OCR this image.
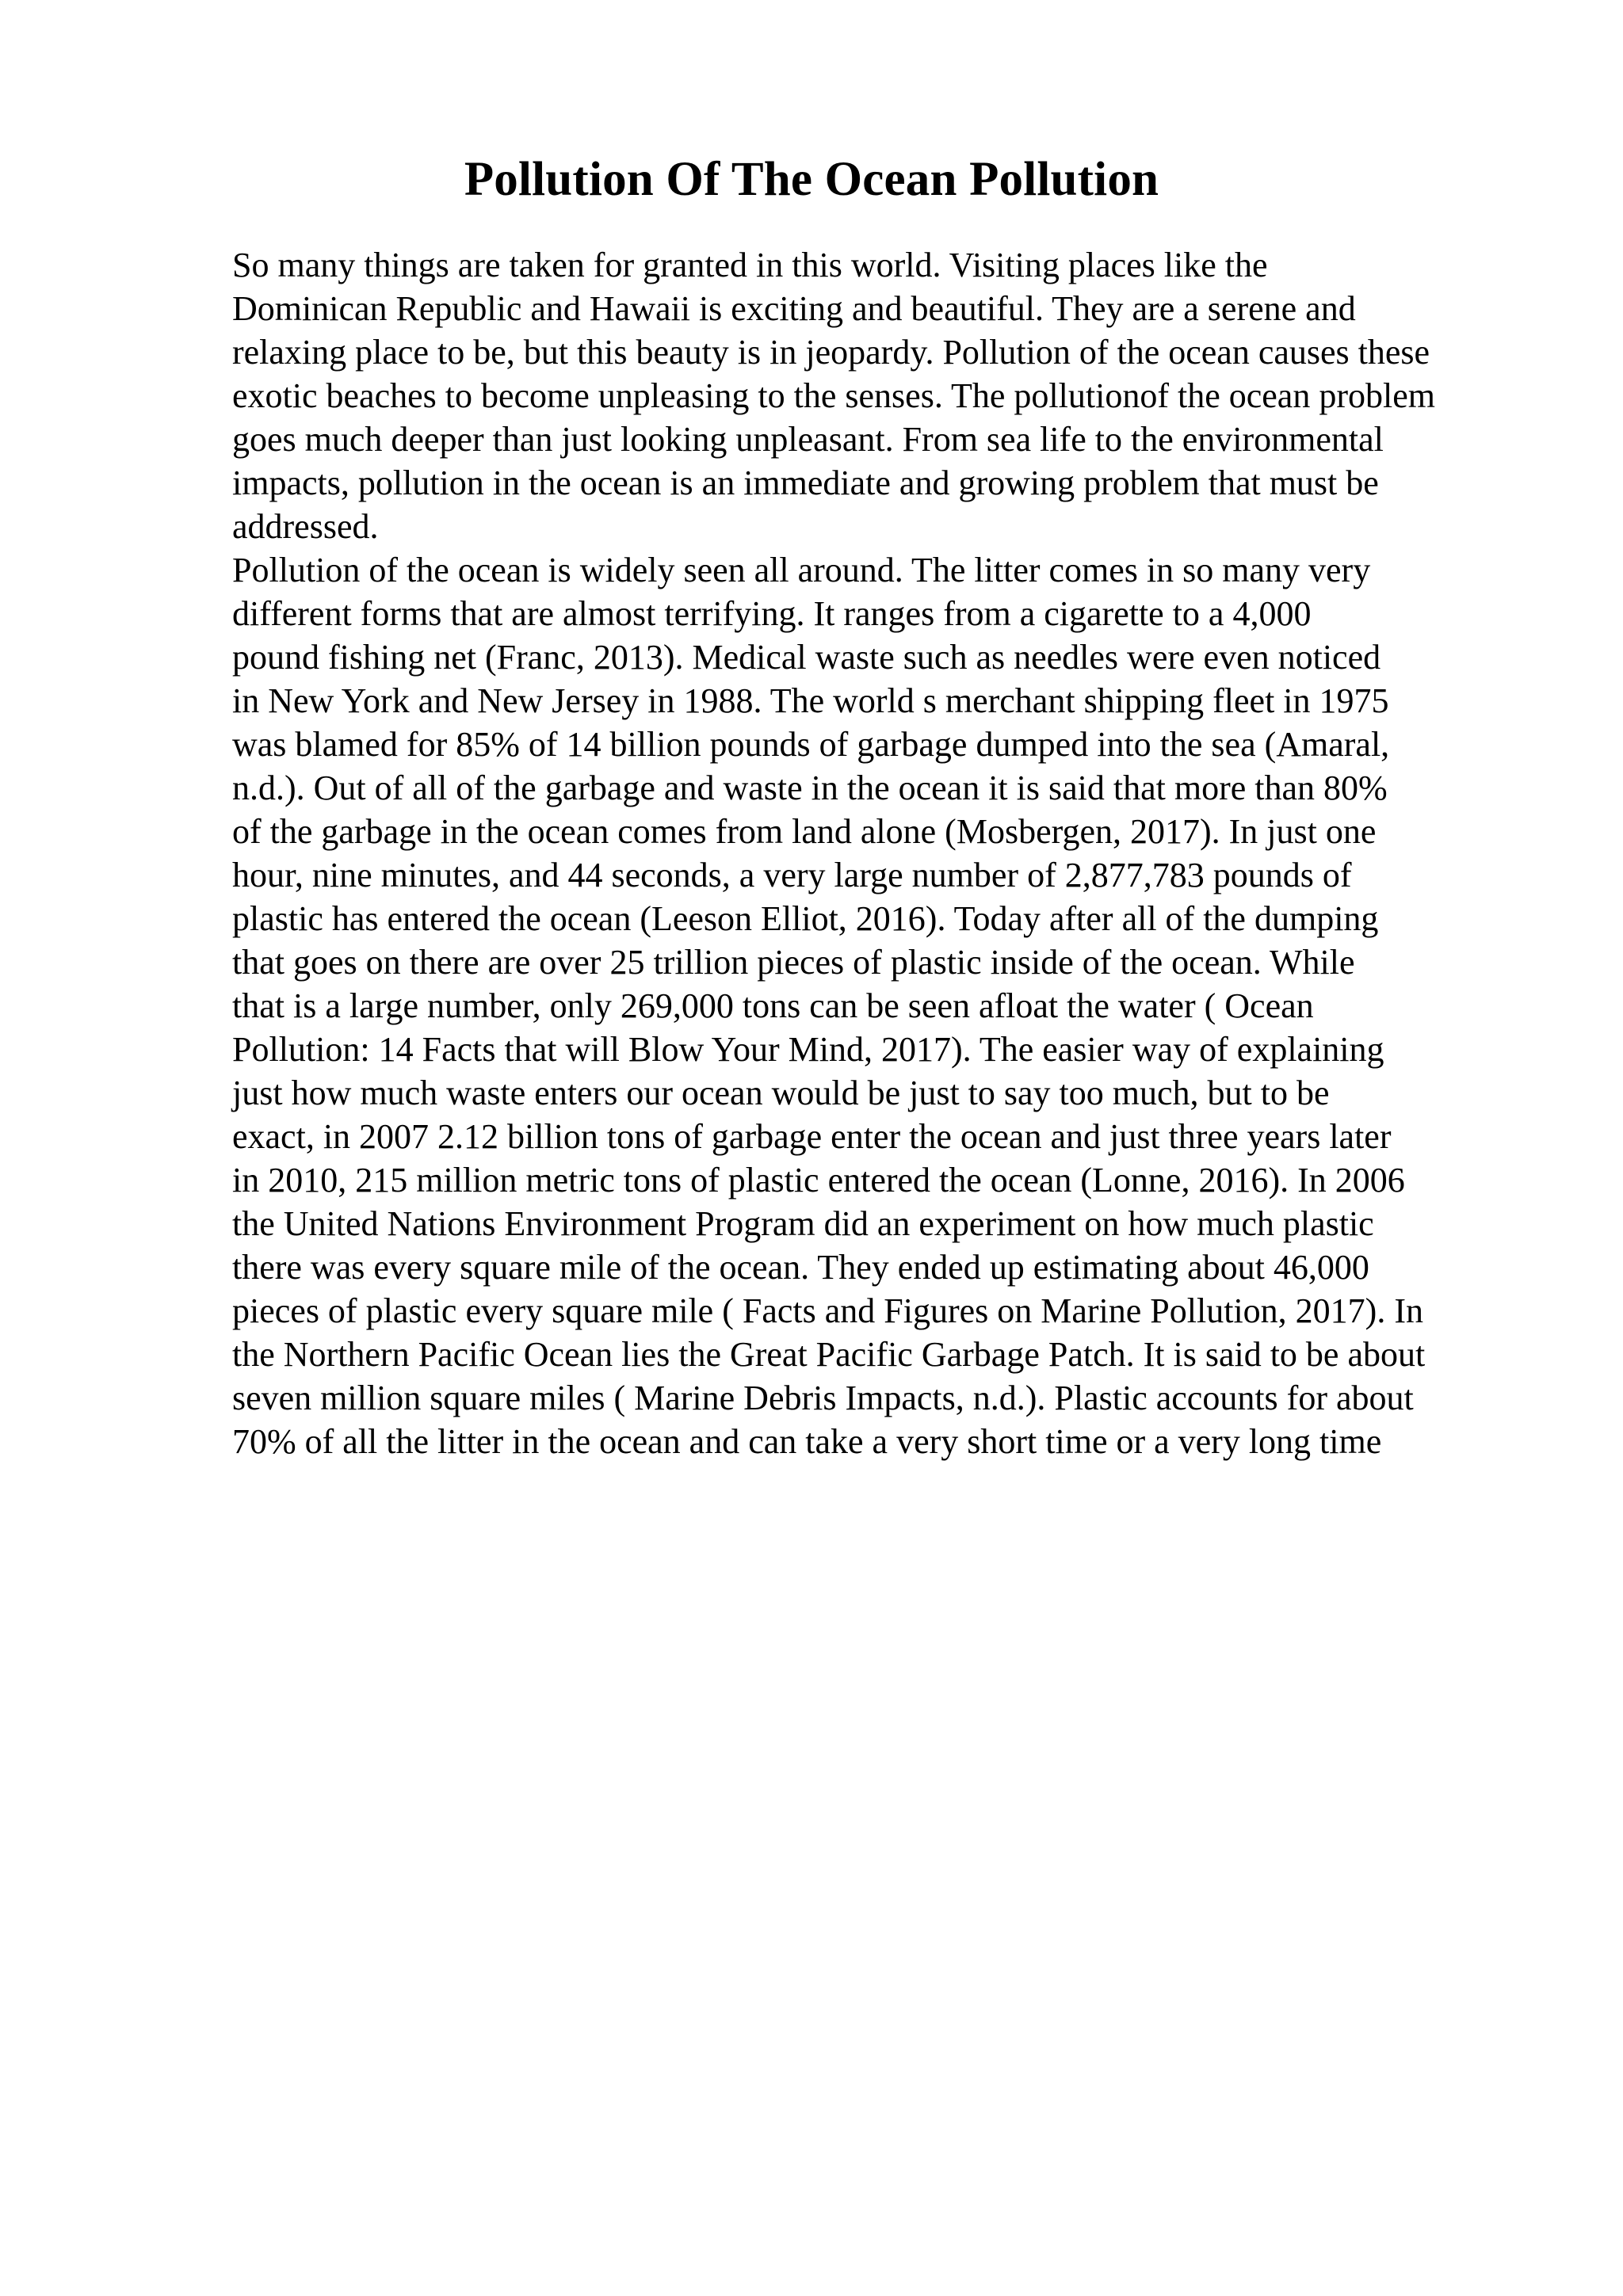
Pollution Of The Ocean Pollution
So many things are taken for granted in this world. Visiting places like the
Dominican Republic and Hawaii is exciting and beautiful. They are a serene and
relaxing place to be, but this beauty is in jeopardy. Pollution of the ocean causes these
exotic beaches to become unpleasing to the senses. The pollutionof the ocean problem
goes much deeper than just looking unpleasant. From sea life to the environmental
impacts, pollution in the ocean is an immediate and growing problem that must be
addressed.
Pollution of the ocean is widely seen all around. The litter comes in so many very
different forms that are almost terrifying. It ranges from a cigarette to a 4,000
pound fishing net (Franc, 2013). Medical waste such as needles were even noticed
in New York and New Jersey in 1988. The world s merchant shipping fleet in 1975
was blamed for 85% of 14 billion pounds of garbage dumped into the sea (Amaral,
n.d.). Out of all of the garbage and waste in the ocean it is said that more than 80%
of the garbage in the ocean comes from land alone (Mosbergen, 2017). In just one
hour, nine minutes, and 44 seconds, a very large number of 2,877,783 pounds of
plastic has entered the ocean (Leeson Elliot, 2016). Today after all of the dumping
that goes on there are over 25 trillion pieces of plastic inside of the ocean. While
that is a large number, only 269,000 tons can be seen afloat the water ( Ocean
Pollution: 14 Facts that will Blow Your Mind, 2017). The easier way of explaining
just how much waste enters our ocean would be just to say too much, but to be
exact, in 2007 2.12 billion tons of garbage enter the ocean and just three years later
in 2010, 215 million metric tons of plastic entered the ocean (Lonne, 2016). In 2006
the United Nations Environment Program did an experiment on how much plastic
there was every square mile of the ocean. They ended up estimating about 46,000
pieces of plastic every square mile ( Facts and Figures on Marine Pollution, 2017). In
the Northern Pacific Ocean lies the Great Pacific Garbage Patch. It is said to be about
seven million square miles ( Marine Debris Impacts, n.d.). Plastic accounts for about
70% of all the litter in the ocean and can take a very short time or a very long time
